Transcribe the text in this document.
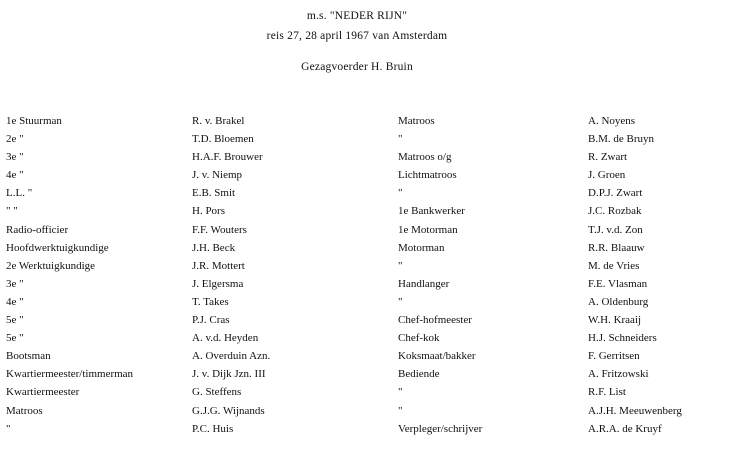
m.s. "NEDER RIJN"
reis 27, 28 april 1967 van Amsterdam
Gezagvoerder H. Bruin
1e Stuurman
2e "
3e "
4e "
L.L. "
" "
Radio-officier
Hoofdwerktuigkundige
2e Werktuigkundige
3e "
4e "
5e "
5e "
Bootsman
Kwartiermeester/timmerman
Kwartiermeester
Matroos
"
R. v. Brakel
T.D. Bloemen
H.A.F. Brouwer
J. v. Niemp
E.B. Smit
H. Pors
F.F. Wouters
J.H. Beck
J.R. Mottert
J. Elgersma
T. Takes
P.J. Cras
A. v.d. Heyden
A. Overduin Azn.
J. v. Dijk Jzn. III
G. Steffens
G.J.G. Wijnands
P.C. Huis
Matroos
"
Matroos o/g
Lichtmatroos
"
1e Bankwerker
1e Motorman
Motorman
"
Handlanger
"
Chef-hofmeester
Chef-kok
Koksmaat/bakker
Bediende
"
"
Verpleger/schrijver
A. Noyens
B.M. de Bruyn
R. Zwart
J. Groen
D.P.J. Zwart
J.C. Rozbak
T.J. v.d. Zon
R.R. Blaauw
M. de Vries
F.E. Vlasman
A. Oldenburg
W.H. Kraaij
H.J. Schneiders
F. Gerritsen
A. Fritzowski
R.F. List
A.J.H. Meeuwenberg
A.R.A. de Kruyf
